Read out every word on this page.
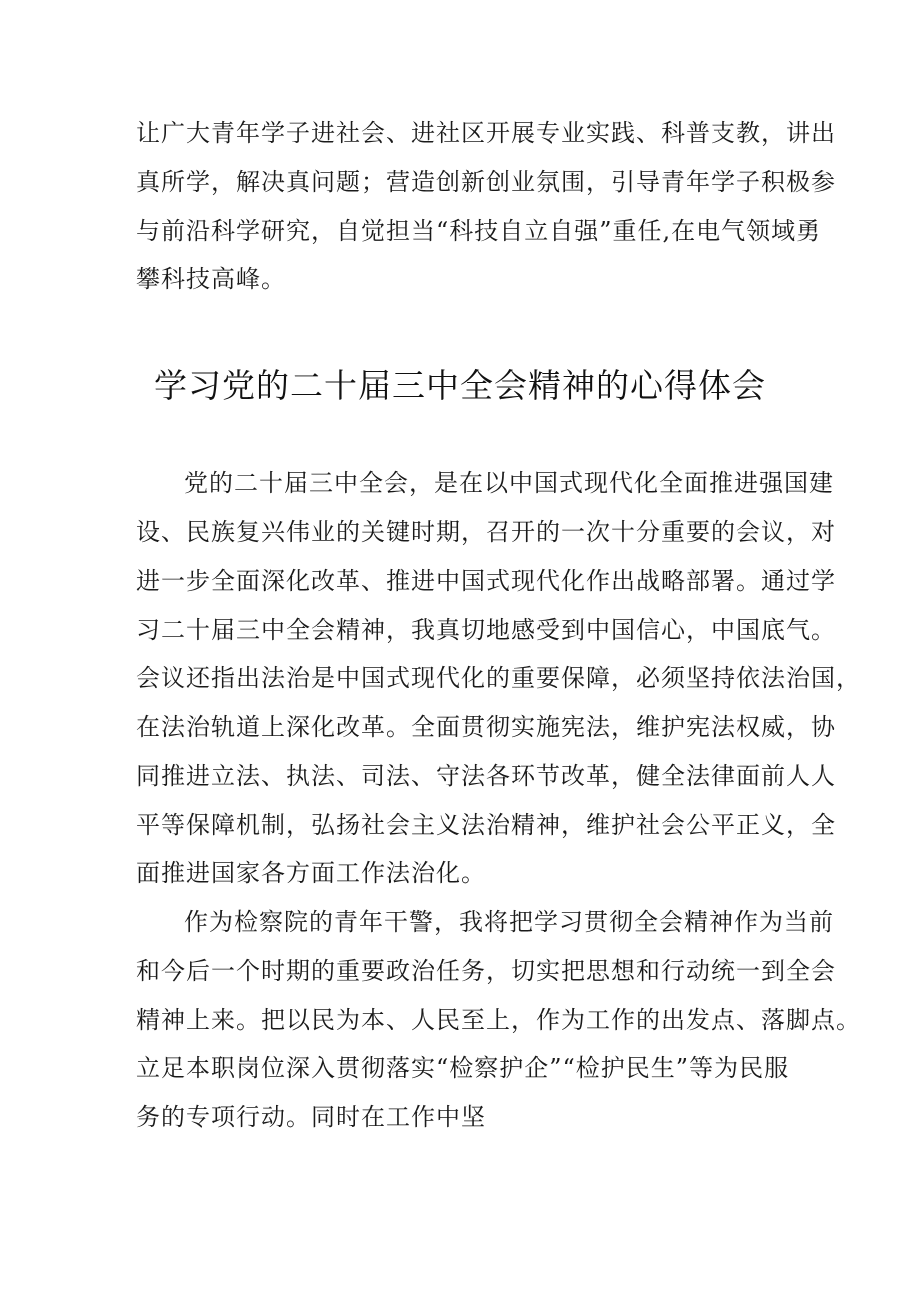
让广大青年学子进社会、进社区开展专业实践、科普支教，讲出
真所学，解决真问题；营造创新创业氛围，引导青年学子积极参
与前沿科学研究，自觉担当“科技自立自强”重任,在电气领域勇
攀科技高峰。
学习党的二十届三中全会精神的心得体会
党的二十届三中全会，是在以中国式现代化全面推进强国建
设、民族复兴伟业的关键时期，召开的一次十分重要的会议，对
进一步全面深化改革、推进中国式现代化作出战略部署。通过学
习二十届三中全会精神，我真切地感受到中国信心，中国底气。
会议还指出法治是中国式现代化的重要保障，必须坚持依法治国，
在法治轨道上深化改革。全面贯彻实施宪法，维护宪法权威，协
同推进立法、执法、司法、守法各环节改革，健全法律面前人人
平等保障机制，弘扬社会主义法治精神，维护社会公平正义，全
面推进国家各方面工作法治化。
作为检察院的青年干警，我将把学习贯彻全会精神作为当前
和今后一个时期的重要政治任务，切实把思想和行动统一到全会
精神上来。把以民为本、人民至上，作为工作的出发点、落脚点。
立足本职岗位深入贯彻落实“检察护企”“检护民生”等为民服
务的专项行动。同时在工作中坚
